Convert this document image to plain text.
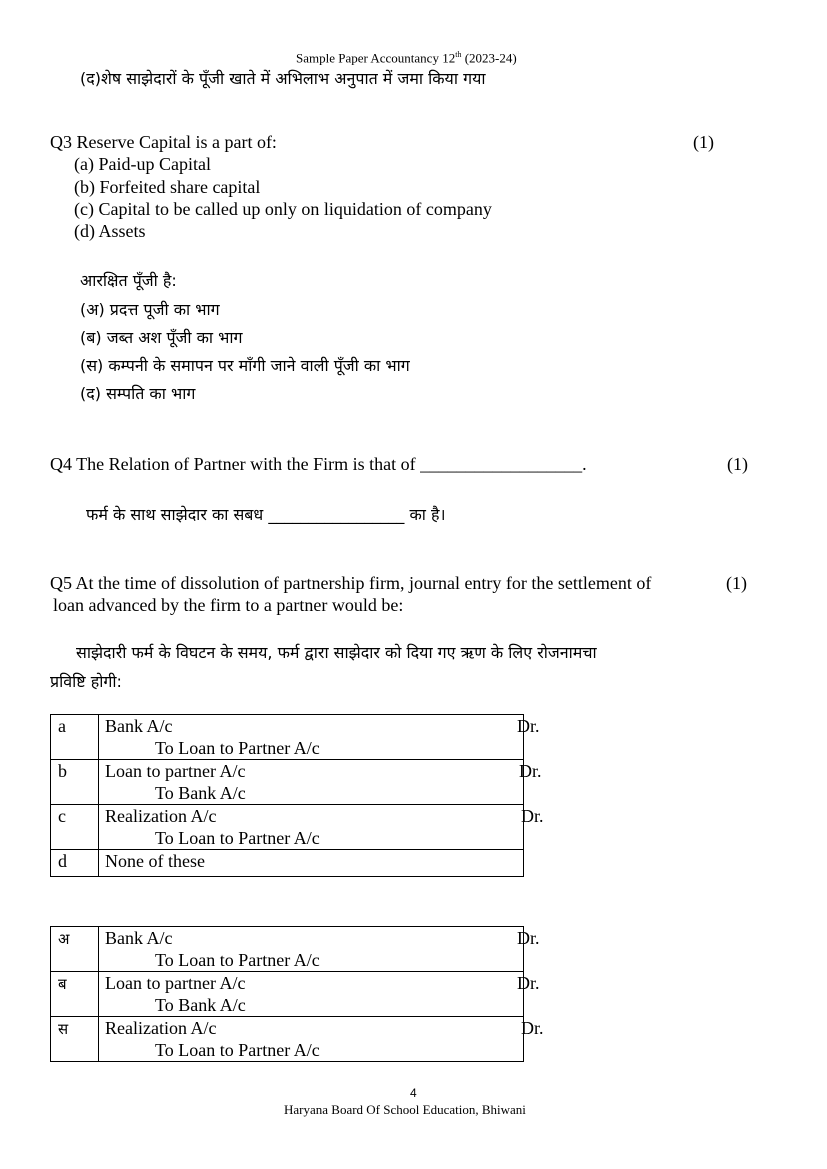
Sample Paper Accountancy 12th (2023-24)
(द)शेष साझेदारों के पूँजी खाते में अभिलाभ अनुपात में जमा किया गया
Q3 Reserve Capital is a part of:	(1)
(a) Paid-up Capital
(b) Forfeited share capital
(c) Capital to be called up only on liquidation of company
(d) Assets
आरक्षित पूँजी है:
(अ) प्रदत्त पूजी का भाग
(ब) जब्त अश पूँजी का भाग
(स) कम्पनी के समापन पर माँगी जाने वाली पूँजी का भाग
(द) सम्पति का भाग
Q4 The Relation of Partner with the Firm is that of __________________.	(1)
फर्म के साथ साझेदार का सबध _________________ का है।
Q5 At the time of dissolution of partnership firm, journal entry for the settlement of	(1)
loan advanced by the firm to a partner would be:
साझेदारी फर्म के विघटन के समय, फर्म द्वारा साझेदार को दिया गए ऋण के लिए रोजनामचा
प्रविष्टि होगी:
a	Bank A/c
To Loan to Partner A/c
Dr.

b	Loan to partner A/c
To Bank A/c
Dr.

c	Realization A/c
To Loan to Partner A/c
Dr.

d	None of these
अ	Bank A/c
To Loan to Partner A/c
Dr.

ब	Loan to partner A/c
To Bank A/c
Dr.

स	Realization A/c
To Loan to Partner A/c
Dr.
4
Haryana Board Of School Education, Bhiwani
